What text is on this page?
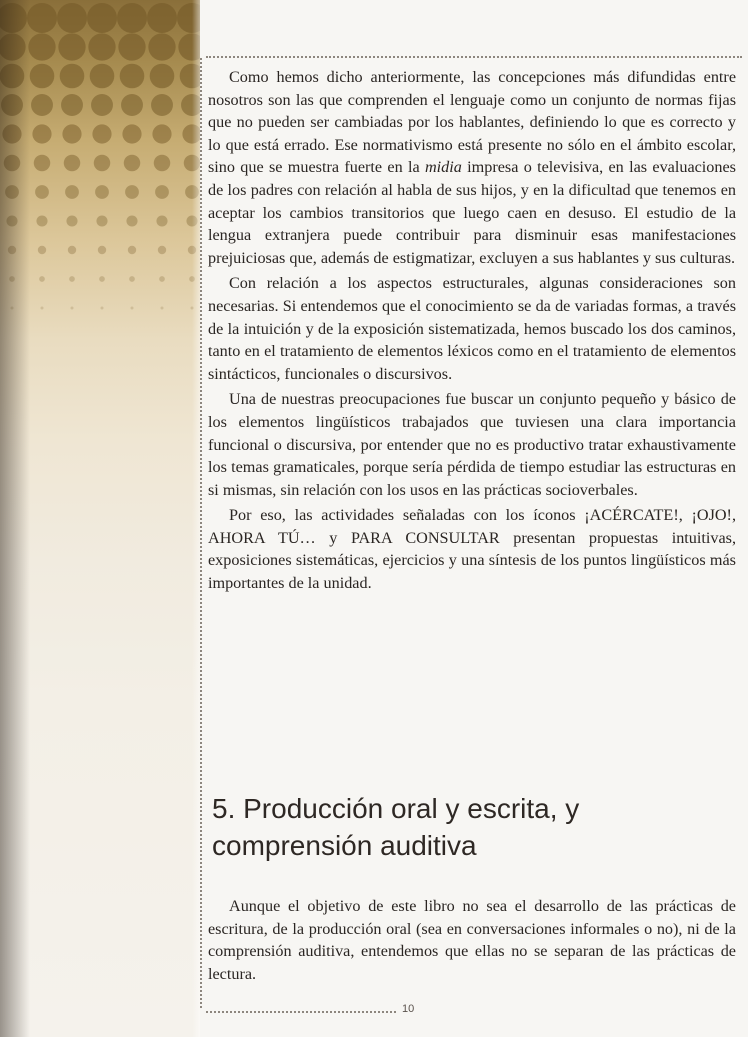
Como hemos dicho anteriormente, las concepciones más difundidas entre nosotros son las que comprenden el lenguaje como un conjunto de normas fijas que no pueden ser cambiadas por los hablantes, definiendo lo que es correcto y lo que está errado. Ese normativismo está presente no sólo en el ámbito escolar, sino que se muestra fuerte en la midia impresa o televisiva, en las evaluaciones de los padres con relación al habla de sus hijos, y en la dificultad que tenemos en aceptar los cambios transitorios que luego caen en desuso. El estudio de la lengua extranjera puede contribuir para disminuir esas manifestaciones prejuiciosas que, además de estigmatizar, excluyen a sus hablantes y sus culturas.

Con relación a los aspectos estructurales, algunas consideraciones son necesarias. Si entendemos que el conocimiento se da de variadas formas, a través de la intuición y de la exposición sistematizada, hemos buscado los dos caminos, tanto en el tratamiento de elementos léxicos como en el tratamiento de elementos sintácticos, funcionales o discursivos.

Una de nuestras preocupaciones fue buscar un conjunto pequeño y básico de los elementos lingüísticos trabajados que tuviesen una clara importancia funcional o discursiva, por entender que no es productivo tratar exhaustivamente los temas gramaticales, porque sería pérdida de tiempo estudiar las estructuras en si mismas, sin relación con los usos en las prácticas socioverbales.

Por eso, las actividades señaladas con los íconos ¡ACÉRCATE!, ¡OJO!, AHORA TÚ… y PARA CONSULTAR presentan propuestas intuitivas, exposiciones sistemáticas, ejercicios y una síntesis de los puntos lingüísticos más importantes de la unidad.

5. Producción oral y escrita, y comprensión auditiva

Aunque el objetivo de este libro no sea el desarrollo de las prácticas de escritura, de la producción oral (sea en conversaciones informales o no), ni de la comprensión auditiva, entendemos que ellas no se separan de las prácticas de lectura.

10
